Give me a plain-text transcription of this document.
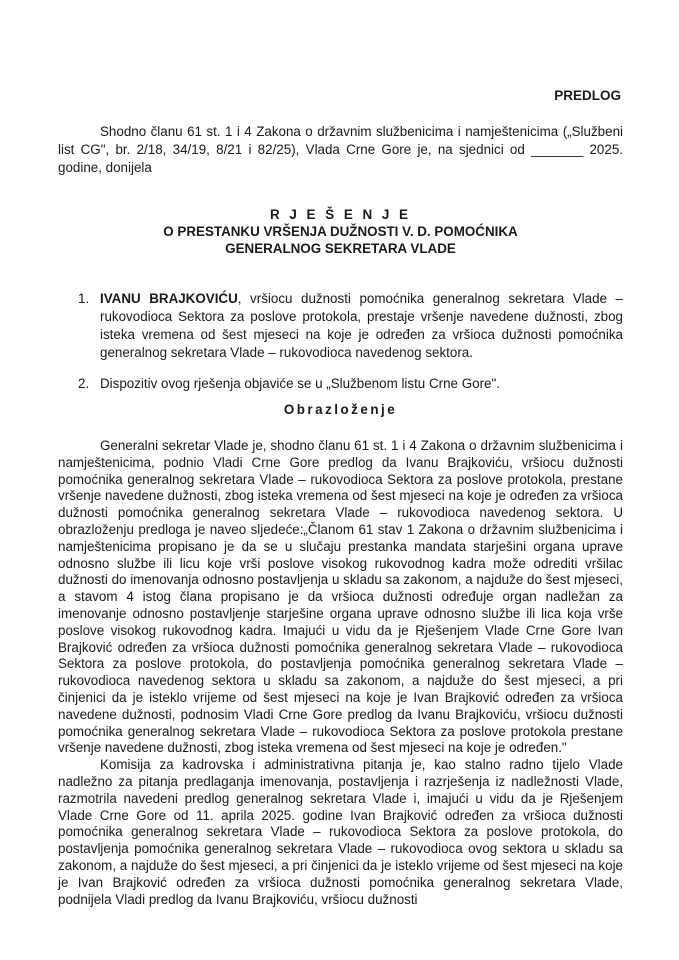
PREDLOG

Shodno članu 61 st. 1 i 4 Zakona o državnim službenicima i namještenicima („Službeni list CG", br. 2/18, 34/19, 8/21 i 82/25), Vlada Crne Gore je, na sjednici od _______ 2025. godine, donijela

R J E Š E N J E
O PRESTANKU VRŠENJA DUŽNOSTI V. D. POMOĆNIKA
GENERALNOG SEKRETARA VLADE
1. IVANU BRAJKOVIĆU, vršiocu dužnosti pomoćnika generalnog sekretara Vlade – rukovodioca Sektora za poslove protokola, prestaje vršenje navedene dužnosti, zbog isteka vremena od šest mjeseci na koje je određen za vršioca dužnosti pomoćnika generalnog sekretara Vlade – rukovodioca navedenog sektora.
2. Dispozitiv ovog rješenja objaviće se u „Službenom listu Crne Gore".
Obrazloženje

Generalni sekretar Vlade je, shodno članu 61 st. 1 i 4 Zakona o državnim službenicima i namještenicima, podnio Vladi Crne Gore predlog da Ivanu Brajkoviću, vršiocu dužnosti pomoćnika generalnog sekretara Vlade – rukovodioca Sektora za poslove protokola, prestane vršenje navedene dužnosti, zbog isteka vremena od šest mjeseci na koje je određen za vršioca dužnosti pomoćnika generalnog sekretara Vlade – rukovodioca navedenog sektora. U obrazloženju predloga je naveo sljedeće:„Članom 61 stav 1 Zakona o državnim službenicima i namještenicima propisano je da se u slučaju prestanka mandata starješini organa uprave odnosno službe ili licu koje vrši poslove visokog rukovodnog kadra može odrediti vršilac dužnosti do imenovanja odnosno postavljenja u skladu sa zakonom, a najduže do šest mjeseci, a stavom 4 istog člana propisano je da vršioca dužnosti određuje organ nadležan za imenovanje odnosno postavljenje starješine organa uprave odnosno službe ili lica koja vrše poslove visokog rukovodnog kadra. Imajući u vidu da je Rješenjem Vlade Crne Gore Ivan Brajković određen za vršioca dužnosti pomoćnika generalnog sekretara Vlade – rukovodioca Sektora za poslove protokola, do postavljenja pomoćnika generalnog sekretara Vlade – rukovodioca navedenog sektora u skladu sa zakonom, a najduže do šest mjeseci, a pri činjenici da je isteklo vrijeme od šest mjeseci na koje je Ivan Brajković određen za vršioca navedene dužnosti, podnosim Vladi Crne Gore predlog da Ivanu Brajkoviću, vršiocu dužnosti pomoćnika generalnog sekretara Vlade – rukovodioca Sektora za poslove protokola prestane vršenje navedene dužnosti, zbog isteka vremena od šest mjeseci na koje je određen."

Komisija za kadrovska i administrativna pitanja je, kao stalno radno tijelo Vlade nadležno za pitanja predlaganja imenovanja, postavljenja i razrješenja iz nadležnosti Vlade, razmotrila navedeni predlog generalnog sekretara Vlade i, imajući u vidu da je Rješenjem Vlade Crne Gore od 11. aprila 2025. godine Ivan Brajković određen za vršioca dužnosti pomoćnika generalnog sekretara Vlade – rukovodioca Sektora za poslove protokola, do postavljenja pomoćnika generalnog sekretara Vlade – rukovodioca ovog sektora u skladu sa zakonom, a najduže do šest mjeseci, a pri činjenici da je isteklo vrijeme od šest mjeseci na koje je Ivan Brajković određen za vršioca dužnosti pomoćnika generalnog sekretara Vlade, podnijela Vladi predlog da Ivanu Brajkoviću, vršiocu dužnosti
